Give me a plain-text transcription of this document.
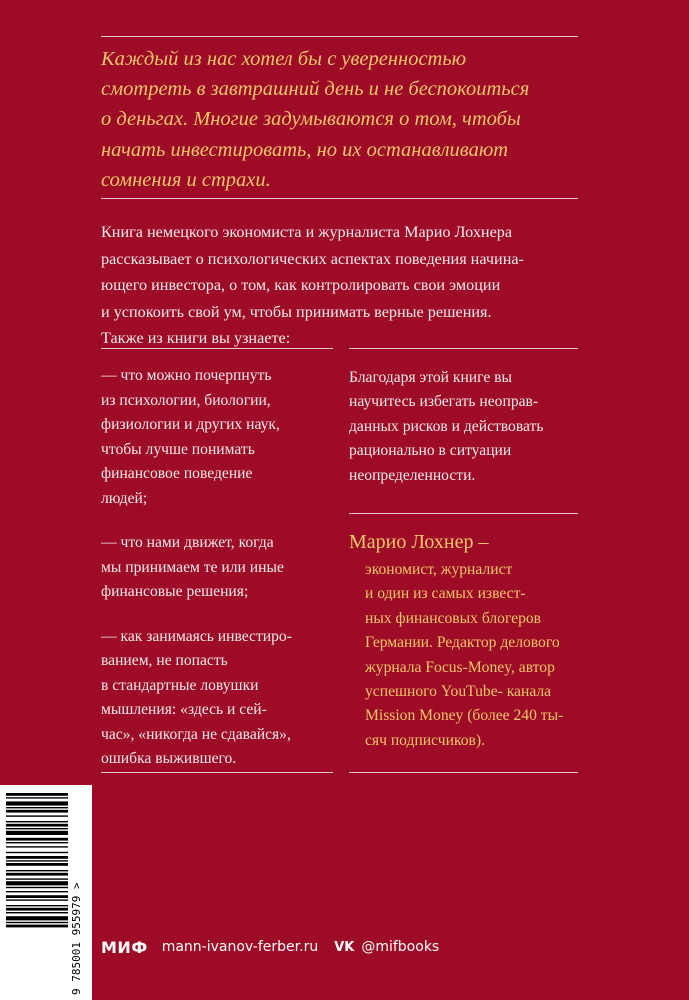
Каждый из нас хотел бы с уверенностью
смотреть в завтрашний день и не беспокоиться
о деньгах. Многие задумываются о том, чтобы
начать инвестировать, но их останавливают
сомнения и страхи.
Книга немецкого экономиста и журналиста Марио Лохнера
рассказывает о психологических аспектах поведения начина-
ющего инвестора, о том, как контролировать свои эмоции
и успокоить свой ум, чтобы принимать верные решения.
Также из книги вы узнаете:
— что можно почерпнуть
из психологии, биологии,
физиологии и других наук,
чтобы лучше понимать
финансовое поведение
людей;
— что нами движет, когда
мы принимаем те или иные
финансовые решения;
— как занимаясь инвестиро-
ванием, не попасть
в стандартные ловушки
мышления: «здесь и сей-
час», «никогда не сдавайся»,
ошибка выжившего.
Благодаря этой книге вы
научитесь избегать неоправ-
данных рисков и действовать
рационально в ситуации
неопределенности.
Марио Лохнер –
экономист, журналист
и один из самых извест-
ных финансовых блогеров
Германии. Редактор делового
журнала Focus-Money, автор
успешного YouTube- канала
Mission Money (более 240 ты-
сяч подписчиков).
9 785001 955979 > МИФ mann-ivanov-ferber.ru VK @mifbooks
